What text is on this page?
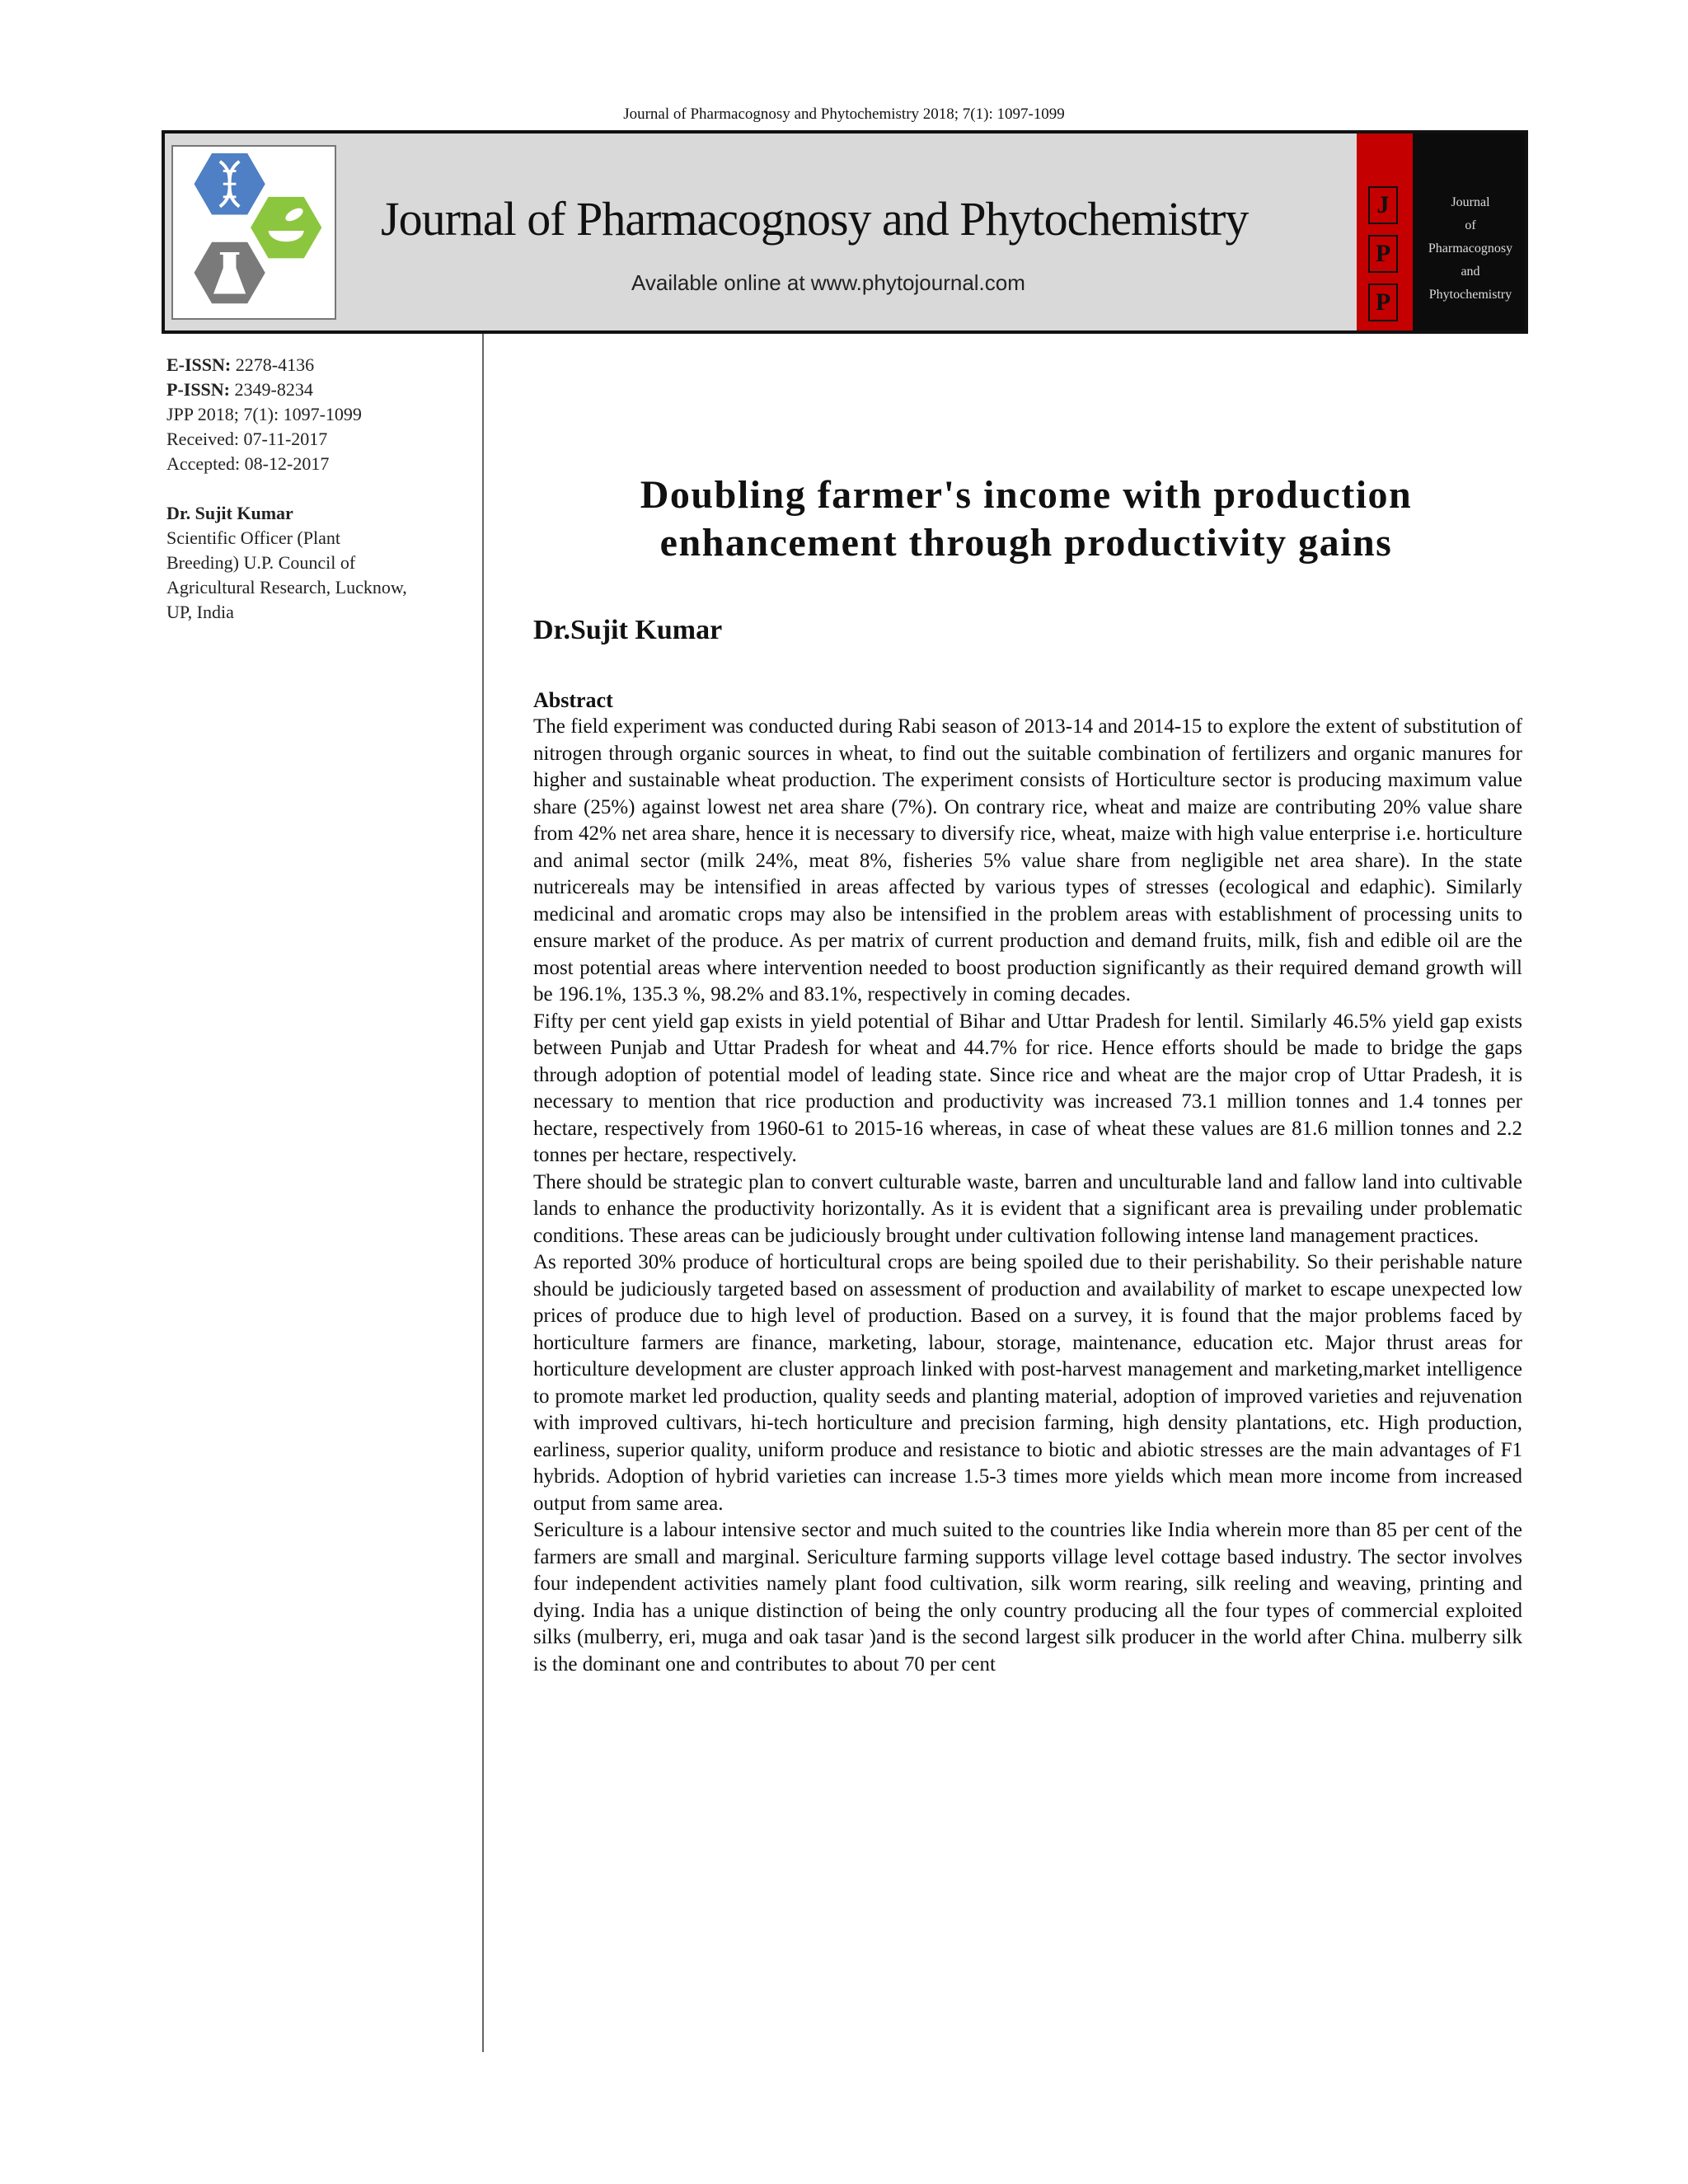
Journal of Pharmacognosy and Phytochemistry 2018; 7(1): 1097-1099
Journal of Pharmacognosy and Phytochemistry
Available online at www.phytojournal.com
J
P
P
Journal
of
Pharmacognosy
and
Phytochemistry
E-ISSN: 2278-4136
P-ISSN: 2349-8234
JPP 2018; 7(1): 1097-1099
Received: 07-11-2017
Accepted: 08-12-2017
Dr. Sujit Kumar
Scientific Officer (Plant
Breeding) U.P. Council of
Agricultural Research, Lucknow,
UP, India
Doubling farmer's income with production
enhancement through productivity gains
Dr.Sujit Kumar
Abstract

The field experiment was conducted during Rabi season of 2013-14 and 2014-15 to explore the extent of substitution of nitrogen through organic sources in wheat, to find out the suitable combination of fertilizers and organic manures for higher and sustainable wheat production. The experiment consists of Horticulture sector is producing maximum value share (25%) against lowest net area share (7%). On contrary rice, wheat and maize are contributing 20% value share from 42% net area share, hence it is necessary to diversify rice, wheat, maize with high value enterprise i.e. horticulture and animal sector (milk 24%, meat 8%, fisheries 5% value share from negligible net area share). In the state nutricereals may be intensified in areas affected by various types of stresses (ecological and edaphic). Similarly medicinal and aromatic crops may also be intensified in the problem areas with establishment of processing units to ensure market of the produce. As per matrix of current production and demand fruits, milk, fish and edible oil are the most potential areas where intervention needed to boost production significantly as their required demand growth will be 196.1%, 135.3 %, 98.2% and 83.1%, respectively in coming decades.

Fifty per cent yield gap exists in yield potential of Bihar and Uttar Pradesh for lentil. Similarly 46.5% yield gap exists between Punjab and Uttar Pradesh for wheat and 44.7% for rice. Hence efforts should be made to bridge the gaps through adoption of potential model of leading state. Since rice and wheat are the major crop of Uttar Pradesh, it is necessary to mention that rice production and productivity was increased 73.1 million tonnes and 1.4 tonnes per hectare, respectively from 1960-61 to 2015-16 whereas, in case of wheat these values are 81.6 million tonnes and 2.2 tonnes per hectare, respectively.

There should be strategic plan to convert culturable waste, barren and unculturable land and fallow land into cultivable lands to enhance the productivity horizontally. As it is evident that a significant area is prevailing under problematic conditions. These areas can be judiciously brought under cultivation following intense land management practices.

As reported 30% produce of horticultural crops are being spoiled due to their perishability. So their perishable nature should be judiciously targeted based on assessment of production and availability of market to escape unexpected low prices of produce due to high level of production. Based on a survey, it is found that the major problems faced by horticulture farmers are finance, marketing, labour, storage, maintenance, education etc. Major thrust areas for horticulture development are cluster approach linked with post-harvest management and marketing,market intelligence to promote market led production, quality seeds and planting material, adoption of improved varieties and rejuvenation with improved cultivars, hi-tech horticulture and precision farming, high density plantations, etc. High production, earliness, superior quality, uniform produce and resistance to biotic and abiotic stresses are the main advantages of F1 hybrids. Adoption of hybrid varieties can increase 1.5-3 times more yields which mean more income from increased output from same area.

Sericulture is a labour intensive sector and much suited to the countries like India wherein more than 85 per cent of the farmers are small and marginal. Sericulture farming supports village level cottage based industry. The sector involves four independent activities namely plant food cultivation, silk worm rearing, silk reeling and weaving, printing and dying. India has a unique distinction of being the only country producing all the four types of commercial exploited silks (mulberry, eri, muga and oak tasar )and is the second largest silk producer in the world after China. mulberry silk is the dominant one and contributes to about 70 per cent
